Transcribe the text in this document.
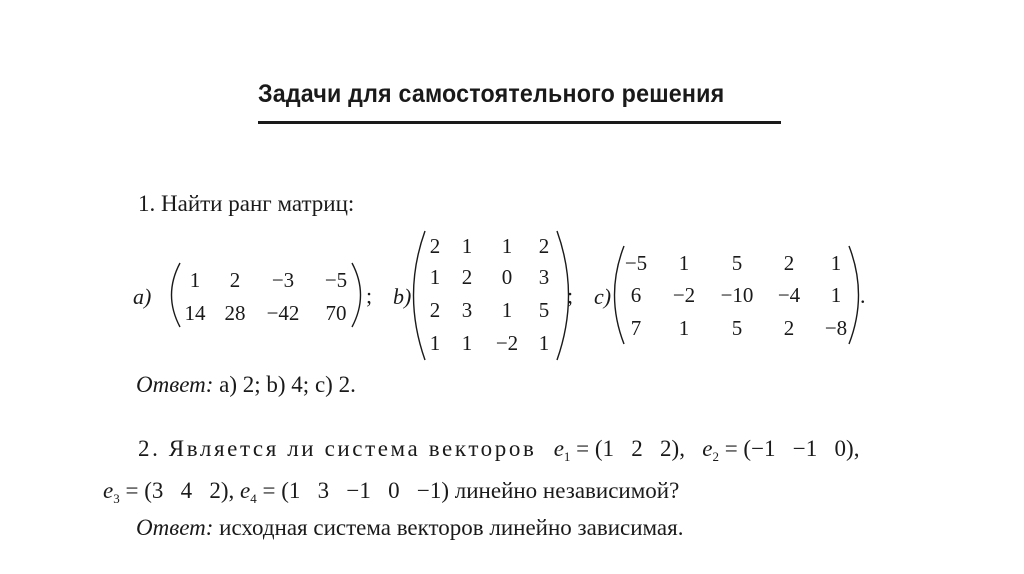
Задачи для самостоятельного решения
1. Найти ранг матриц:
a)
1	2	−3	−5
14 28	−42	70
; b)
2	1	1	2
1	2	0	3
2	3	1	5
1	1	−2 1
; c)
−5	1	5	2	1
6	−2	−10	−4	1
7	1	5	2	−8
.
Ответ: a) 2; b) 4; c) 2.
2. Является ли система векторов $e_1 = (1$   2   2),   $e_2 = (-1 -1$   0),
$e_3 = (3$   4   2), $e_4 = (1$   3   −1   0   −1) линейно независимой?
Ответ: исходная система векторов линейно зависимая.
